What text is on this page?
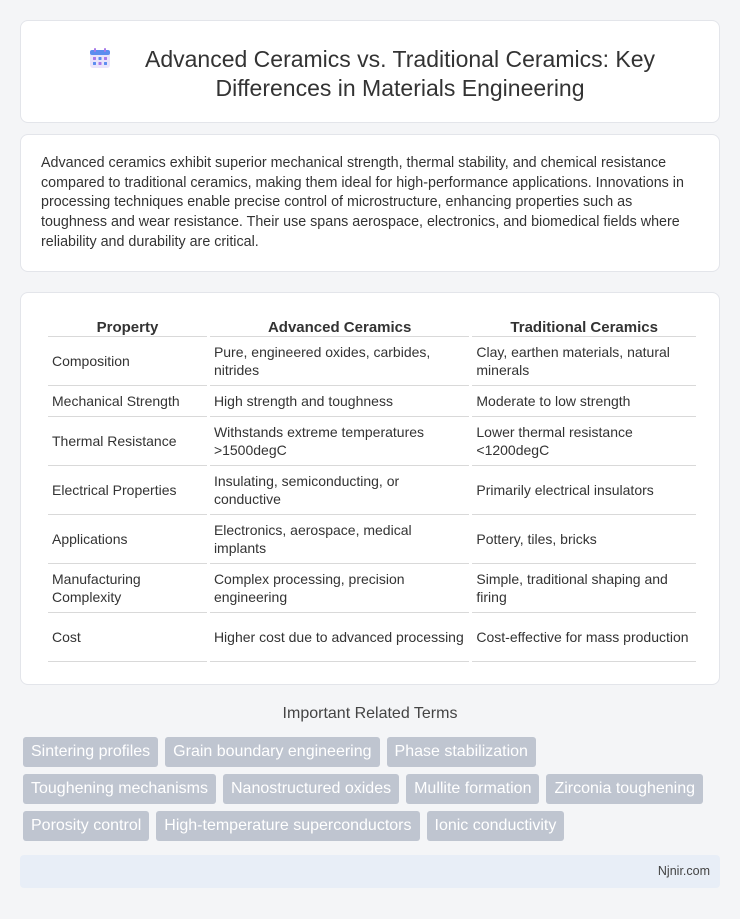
Advanced Ceramics vs. Traditional Ceramics: Key Differences in Materials Engineering

Advanced ceramics exhibit superior mechanical strength, thermal stability, and chemical resistance compared to traditional ceramics, making them ideal for high-performance applications. Innovations in processing techniques enable precise control of microstructure, enhancing properties such as toughness and wear resistance. Their use spans aerospace, electronics, and biomedical fields where reliability and durability are critical.

Property	Advanced Ceramics	Traditional Ceramics
Composition	Pure, engineered oxides, carbides, nitrides	Clay, earthen materials, natural minerals
Mechanical Strength	High strength and toughness	Moderate to low strength
Thermal Resistance	Withstands extreme temperatures >1500degC	Lower thermal resistance <1200degC
Electrical Properties	Insulating, semiconducting, or conductive	Primarily electrical insulators
Applications	Electronics, aerospace, medical implants	Pottery, tiles, bricks
Manufacturing Complexity	Complex processing, precision engineering	Simple, traditional shaping and firing
Cost	Higher cost due to advanced processing	Cost-effective for mass production
Important Related Terms
Sintering profiles	Grain boundary engineering	Phase stabilization
Toughening mechanisms	Nanostructured oxides	Mullite formation	Zirconia toughening
Porosity control	High-temperature superconductors	Ionic conductivity
Njnir.com
